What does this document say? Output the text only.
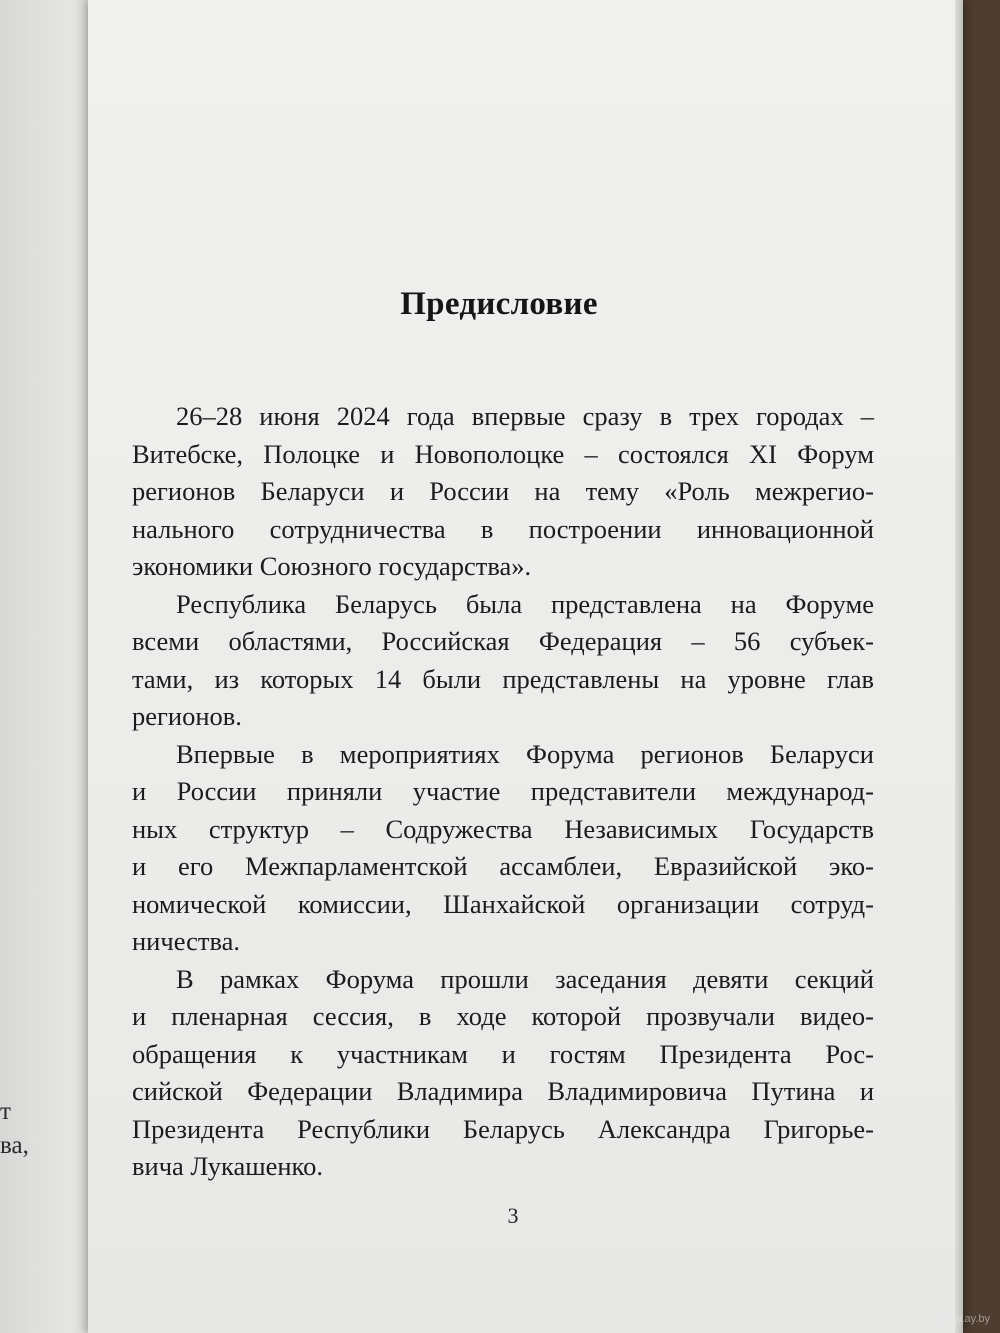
т
ва,
Предисловие
26–28 июня 2024 года впервые сразу в трех городах –
Витебске, Полоцке и Новополоцке – состоялся XI Форум
регионов Беларуси и России на тему «Роль межрегио-
нального сотрудничества в построении инновационной
экономики Союзного государства».
Республика Беларусь была представлена на Форуме
всеми областями, Российская Федерация – 56 субъек-
тами, из которых 14 были представлены на уровне глав
регионов.
Впервые в мероприятиях Форума регионов Беларуси
и России приняли участие представители международ-
ных структур – Содружества Независимых Государств
и его Межпарламентской ассамблеи, Евразийской эко-
номической комиссии, Шанхайской организации сотруд-
ничества.
В рамках Форума прошли заседания девяти секций
и пленарная сессия, в ходе которой прозвучали видео-
обращения к участникам и гостям Президента Рос-
сийской Федерации Владимира Владимировича Путина и
Президента Республики Беларусь Александра Григорье-
вича Лукашенко.
3
www.ay.by
